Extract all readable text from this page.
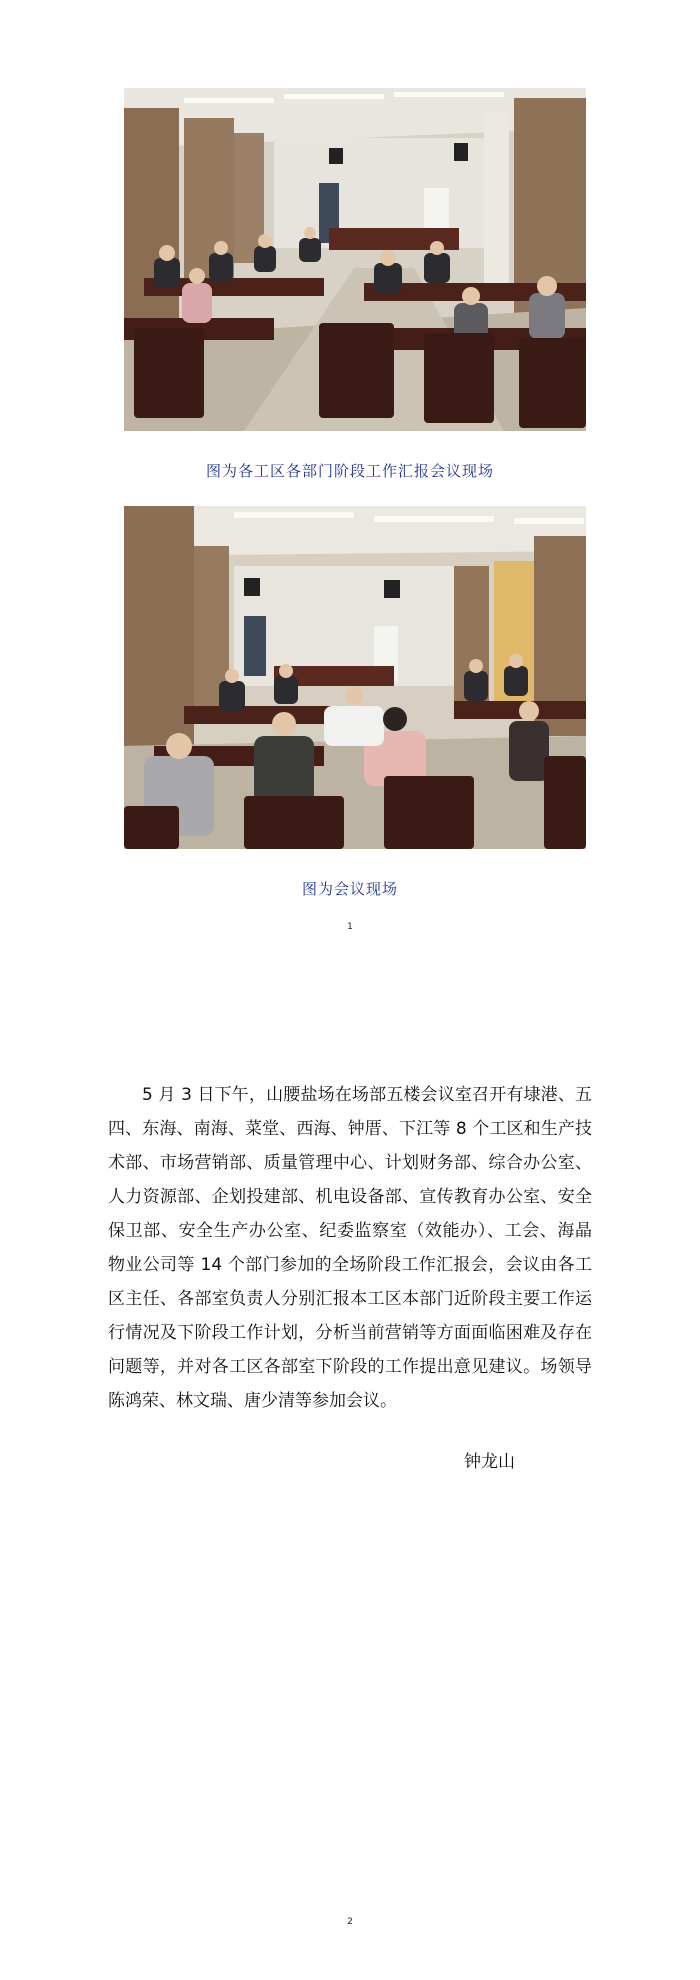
图为各工区各部门阶段工作汇报会议现场
图为会议现场
1
5 月 3 日下午，山腰盐场在场部五楼会议室召开有埭港、五四、东海、南海、菜堂、西海、钟厝、下江等 8 个工区和生产技术部、市场营销部、质量管理中心、计划财务部、综合办公室、人力资源部、企划投建部、机电设备部、宣传教育办公室、安全保卫部、安全生产办公室、纪委监察室（效能办）、工会、海晶物业公司等 14 个部门参加的全场阶段工作汇报会，会议由各工区主任、各部室负责人分别汇报本工区本部门近阶段主要工作运行情况及下阶段工作计划，分析当前营销等方面面临困难及存在问题等，并对各工区各部室下阶段的工作提出意见建议。场领导陈鸿荣、林文瑞、唐少清等参加会议。
钟龙山
2
